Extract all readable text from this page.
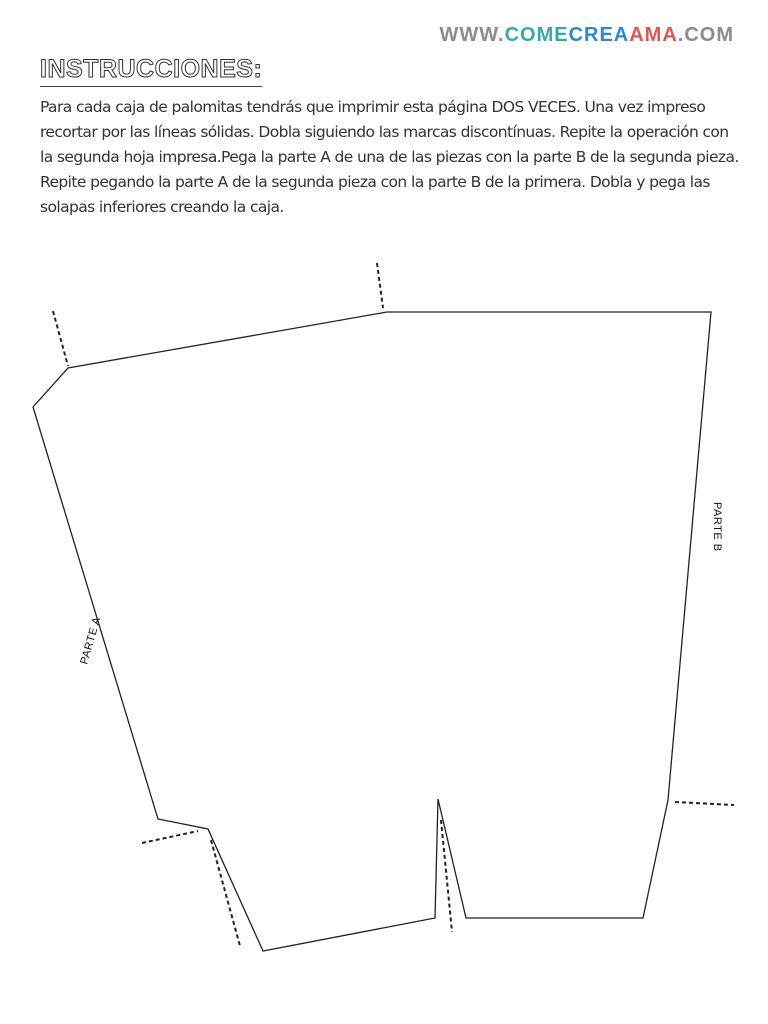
WWW.COMECREAAMA.COM
INSTRUCCIONES:
Para cada caja de palomitas tendrás que imprimir esta página DOS VECES. Una vez impreso recortar por las líneas sólidas. Dobla siguiendo las marcas discontínuas. Repite la operación con la segunda hoja impresa.Pega la parte A de una de las piezas con la parte B de la segunda pieza. Repite pegando la parte A de la segunda pieza con la parte B de la primera. Dobla y pega las solapas inferiores creando la caja.
PARTE A
PARTE B
